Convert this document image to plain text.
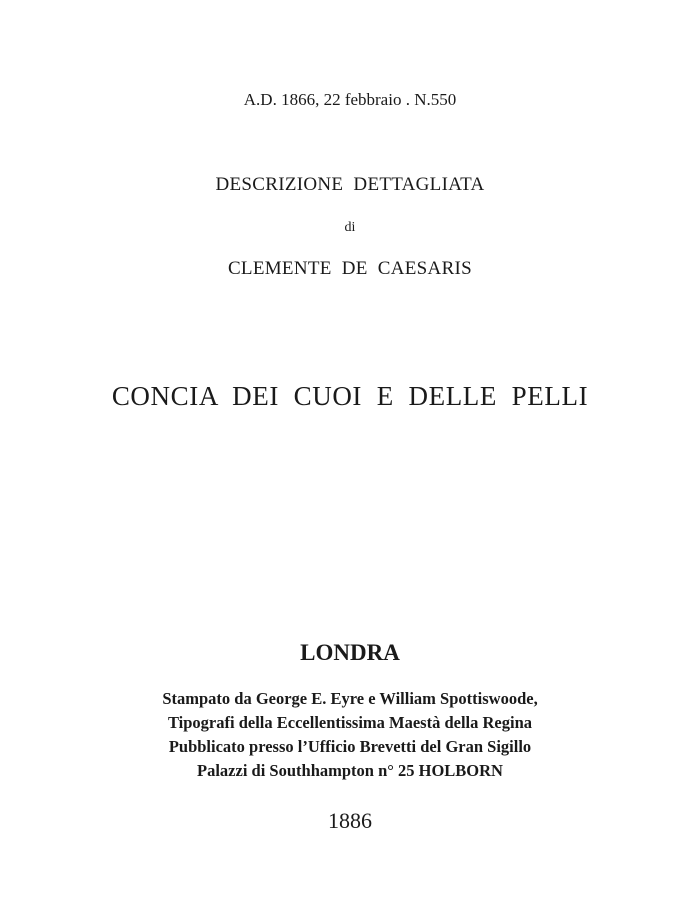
A.D. 1866, 22 febbraio . N.550
DESCRIZIONE  DETTAGLIATA
di
CLEMENTE  DE  CAESARIS
CONCIA  DEI  CUOI  E  DELLE  PELLI
LONDRA
Stampato da George E. Eyre e William Spottiswoode,
Tipografi della Eccellentissima Maestà della Regina
Pubblicato presso l’Ufficio Brevetti del Gran Sigillo
Palazzi di Southhampton n° 25 HOLBORN
1886
